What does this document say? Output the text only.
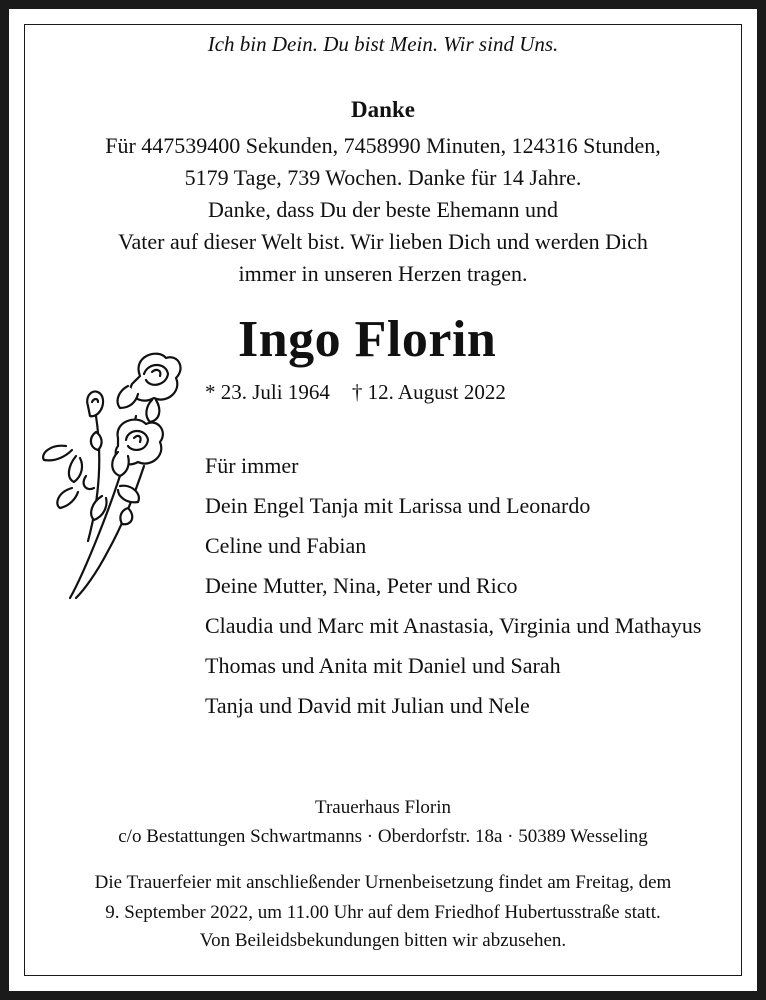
Ich bin Dein. Du bist Mein. Wir sind Uns.
Danke
Für 447539400 Sekunden, 7458990 Minuten, 124316 Stunden,
5179 Tage, 739 Wochen. Danke für 14 Jahre.
Danke, dass Du der beste Ehemann und
Vater auf dieser Welt bist. Wir lieben Dich und werden Dich
immer in unseren Herzen tragen.
Ingo Florin
* 23. Juli 1964 † 12. August 2022
Für immer
Dein Engel Tanja mit Larissa und Leonardo
Celine und Fabian
Deine Mutter, Nina, Peter und Rico
Claudia und Marc mit Anastasia, Virginia und Mathayus
Thomas und Anita mit Daniel und Sarah
Tanja und David mit Julian und Nele
Trauerhaus Florin
c/o Bestattungen Schwartmanns · Oberdorfstr. 18a · 50389 Wesseling
Die Trauerfeier mit anschließender Urnenbeisetzung findet am Freitag, dem
9. September 2022, um 11.00 Uhr auf dem Friedhof Hubertusstraße statt.
Von Beileidsbekundungen bitten wir abzusehen.
